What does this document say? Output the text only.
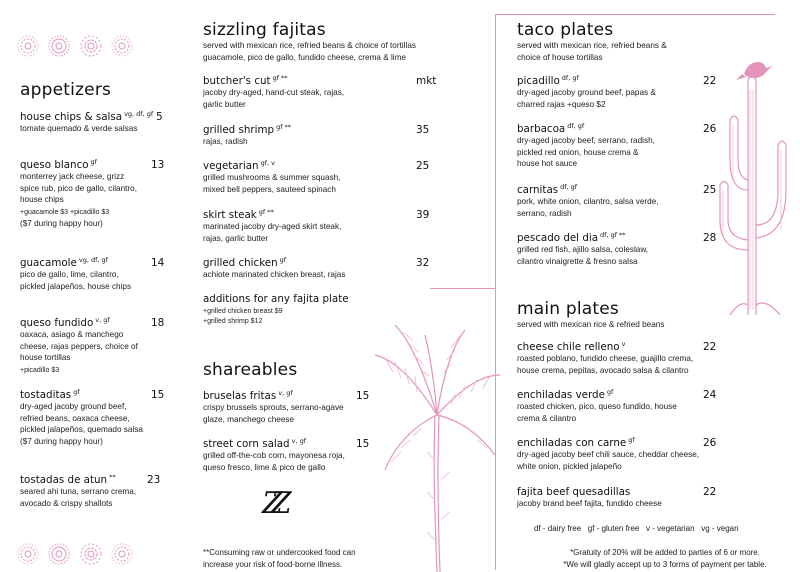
appetizers
house chips & salsa $^{vg, df, gf}$
tomate quemado & verde salsas
5
queso blanco $^{gf}$
monterrey jack cheese, grizz
spice rub, pico de gallo, cilantro,
house chips
+guacamole $3 +picadillo $3
($7 during happy hour)
13
guacamole $^{vg, df, gf}$
pico de gallo, lime, cilantro,
pickled jalapeños, house chips
14
queso fundido $^{v, gf}$
oaxaca, asiago & manchego
cheese, rajas peppers, choice of
house tortillas
+picadillo $3
18
tostaditas $^{gf}$
dry-aged jacoby ground beef,
refried beans, oaxaca cheese,
pickled jalapeños, quemado salsa
($7 during happy hour)
15
tostadas de atun **
seared ahi tuna, serrano crema,
avocado & crispy shallots
23
sizzling fajitas
served with mexican rice, refried beans & choice of tortillas
guacamole, pico de gallo, fundido cheese, crema & lime
butcher's cut $^{gf **}$
jacoby dry-aged, hand-cut steak, rajas,
garlic butter
mkt
grilled shrimp $^{gf **}$
rajas, radish
35
vegetarian $^{gf, v}$
grilled mushrooms & summer squash,
mixed bell peppers, sauteed spinach
25
skirt steak $^{gf **}$
marinated jacoby dry-aged skirt steak,
rajas, garlic butter
39
grilled chicken $^{gf}$
achiote marinated chicken breast, rajas
32
additions for any fajita plate
+grilled chicken breast $9
+grilled shrimp $12
shareables
bruselas fritas $^{v, gf}$
crispy brussels sprouts, serrano-agave
glaze, manchego cheese
15
street corn salad $^{v, gf}$
grilled off-the-cob corn, mayonesa roja,
queso fresco, lime & pico de gallo
15
ZZ
**Consuming raw or undercooked food can
increase your risk of food-borne illness.
taco plates
served with mexican rice, refried beans &
choice of house tortillas
picadillo $^{df, gf}$
dry-aged jacoby ground beef, papas &
charred rajas +queso $2
22
barbacoa $^{df, gf}$
dry-aged jacoby beef, serrano, radish,
pickled red onion, house crema &
house hot sauce
26
carnitas $^{df, gf}$
pork, white onion, cilantro, salsa verde,
serrano, radish
25
pescado del dia $^{df, gf **}$
grilled red fish, ajillo salsa, coleslaw,
cilantro vinaigrette & fresno salsa
28
main plates
served with mexican rice & refried beans
cheese chile relleno $^v$
roasted poblano, fundido cheese, guajillo crema,
house crema, pepitas, avocado salsa & cilantro
22
enchiladas verde $^{gf}$
roasted chicken, pico, queso fundido, house
crema & cilantro
24
enchiladas con carne $^{gf}$
dry-aged jacoby beef chili sauce, cheddar cheese,
white onion, pickled jalapeño
26
fajita beef quesadillas
jacoby brand beef fajita, fundido cheese
22
df - dairy free   gf - gluten free   v - vegetarian   vg - vegan
*Gratuity of 20% will be added to parties of 6 or more.
*We will gladly accept up to 3 forms of payment per table.
